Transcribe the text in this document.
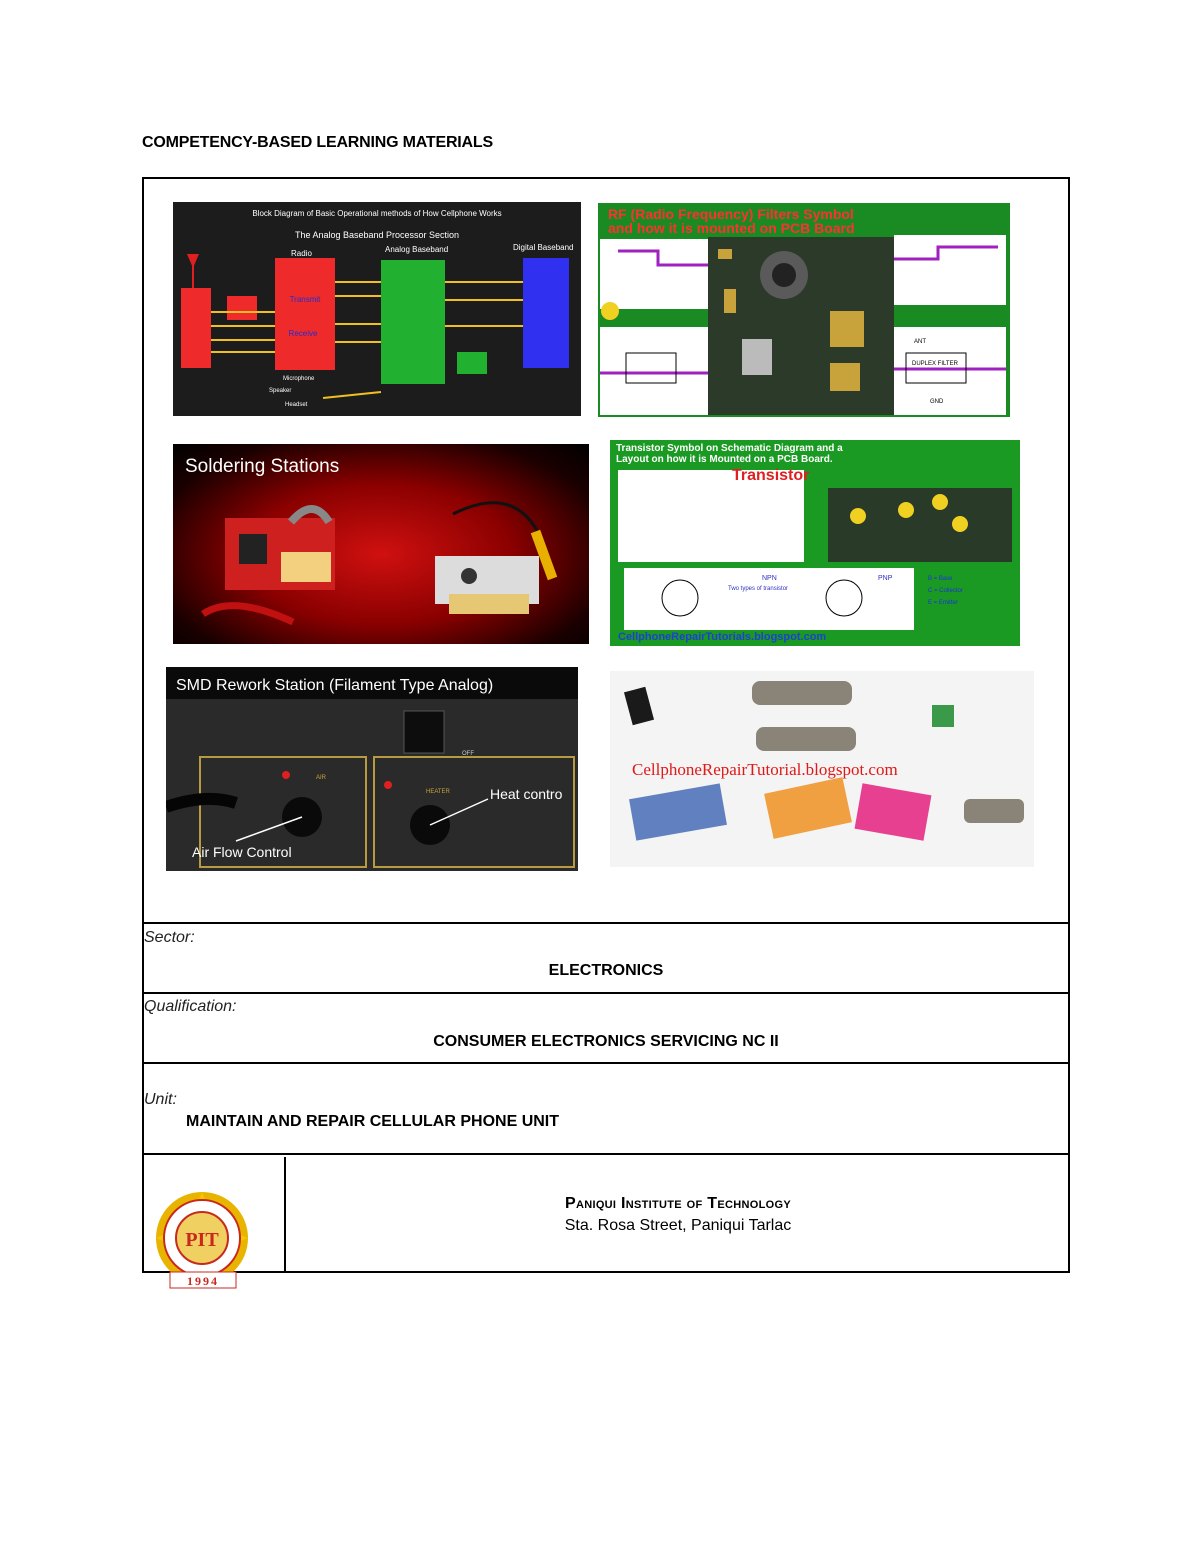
COMPETENCY-BASED LEARNING MATERIALS
Block Diagram of Basic Operational methods of How Cellphone Works
The Analog Baseband Processor Section
Radio	Analog Baseband	Digital Baseband
Transmit
Receive
Microphone
Speaker
Headset
RF (Radio Frequency) Filters Symbol
and how it is mounted on PCB Board
DUPLEX FILTER
GND
ANT
Soldering Stations
Transistor Symbol on Schematic Diagram and a
Layout on how it is Mounted on a PCB Board.
Transistor
NPN	PNP
Two types of transistor
B = Base
C = Collector
E = Emitter
CellphoneRepairTutorials.blogspot.com
SMD Rework Station (Filament Type Analog)
OFF
AIR
HEATER
Air Flow Control
Heat contro
CellphoneRepairTutorial.blogspot.com
Sector:
ELECTRONICS
Qualification:
CONSUMER ELECTRONICS SERVICING NC II
Unit:
MAINTAIN AND REPAIR CELLULAR PHONE UNIT
Paniqui Institute of Technology
Sta. Rosa Street, Paniqui Tarlac
PIT
1994
